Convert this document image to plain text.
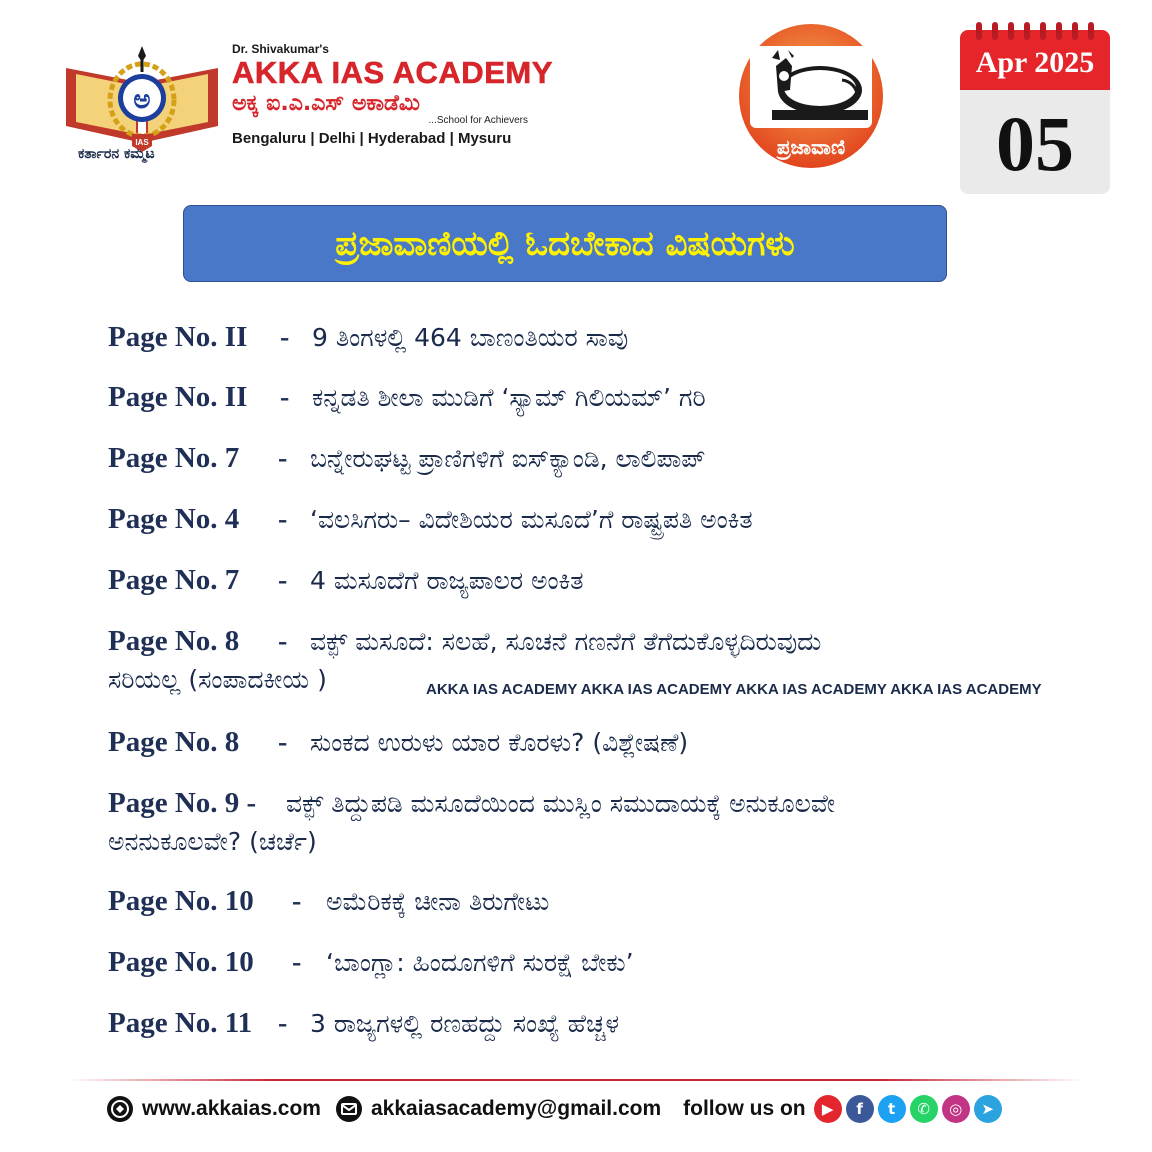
ಅ
IAS
ಕರ್ತಾರನ ಕಮ್ಮಟ
Dr. Shivakumar's
AKKA IAS ACADEMY
ಅಕ್ಕ ಐ.ಎ.ಎಸ್ ಅಕಾಡೆಮಿ
...School for Achievers
Bengaluru | Delhi | Hyderabad | Mysuru	ಪ್ರಜಾವಾಣಿ
Apr 2025
05
ಪ್ರಜಾವಾಣಿಯಲ್ಲಿ ಓದಬೇಕಾದ ವಿಷಯಗಳು
Page No. II - 9 ತಿಂಗಳಲ್ಲಿ 464 ಬಾಣಂತಿಯರ ಸಾವು
Page No. II - ಕನ್ನಡತಿ ಶೀಲಾ ಮುಡಿಗೆ ‘ಸ್ಯಾಮ್ ಗಿಲಿಯಮ್’ ಗರಿ
Page No. 7 - ಬನ್ನೇರುಘಟ್ಟ ಪ್ರಾಣಿಗಳಿಗೆ ಐಸ್‌ಕ್ಯಾಂಡಿ, ಲಾಲಿಪಾಪ್
Page No. 4 - ‘ವಲಸಿಗರು– ವಿದೇಶಿಯರ ಮಸೂದೆ’ಗೆ ರಾಷ್ಟ್ರಪತಿ ಅಂಕಿತ
Page No. 7 - 4 ಮಸೂದೆಗೆ ರಾಜ್ಯಪಾಲರ ಅಂಕಿತ
Page No. 8 - ವಕ್ಫ್ ಮಸೂದೆ: ಸಲಹೆ, ಸೂಚನೆ ಗಣನೆಗೆ ತೆಗೆದುಕೊಳ್ಳದಿರುವುದು
ಸರಿಯಲ್ಲ (ಸಂಪಾದಕೀಯ )
Page No. 8 - ಸುಂಕದ ಉರುಳು ಯಾರ ಕೊರಳು? (ವಿಶ್ಲೇಷಣೆ)
Page No. 9 - ವಕ್ಫ್ ತಿದ್ದುಪಡಿ ಮಸೂದೆಯಿಂದ ಮುಸ್ಲಿಂ ಸಮುದಾಯಕ್ಕೆ ಅನುಕೂಲವೇ
ಅನನುಕೂಲವೇ? (ಚರ್ಚೆ)
Page No. 10 - ಅಮೆರಿಕಕ್ಕೆ ಚೀನಾ ತಿರುಗೇಟು
Page No. 10 - ‘ಬಾಂಗ್ಲಾ: ಹಿಂದೂಗಳಿಗೆ ಸುರಕ್ಷೆ ಬೇಕು’
Page No. 11 - 3 ರಾಜ್ಯಗಳಲ್ಲಿ ರಣಹದ್ದು ಸಂಖ್ಯೆ ಹೆಚ್ಚಳ
AKKA IAS ACADEMY AKKA IAS ACADEMY AKKA IAS ACADEMY AKKA IAS ACADEMY
www.akkaias.com akkaiasacademy@gmail.com follow us on	▶	f	t	✆	◎	➤
